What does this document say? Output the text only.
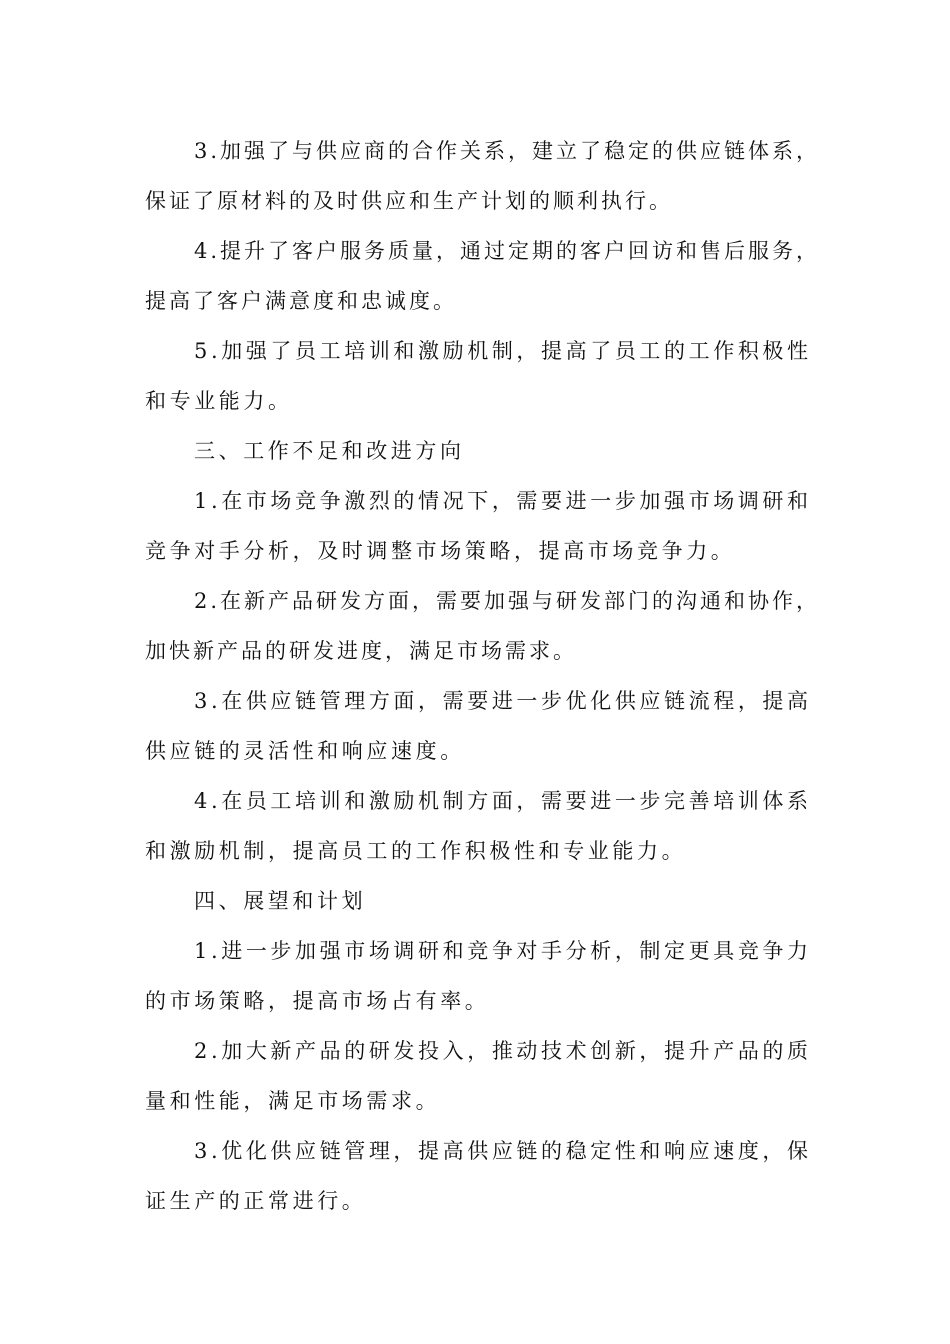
3.加强了与供应商的合作关系，建立了稳定的供应链体系，保证了原材料的及时供应和生产计划的顺利执行。

4.提升了客户服务质量，通过定期的客户回访和售后服务，提高了客户满意度和忠诚度。

5.加强了员工培训和激励机制，提高了员工的工作积极性和专业能力。

三、工作不足和改进方向

1.在市场竞争激烈的情况下，需要进一步加强市场调研和竞争对手分析，及时调整市场策略，提高市场竞争力。

2.在新产品研发方面，需要加强与研发部门的沟通和协作，加快新产品的研发进度，满足市场需求。

3.在供应链管理方面，需要进一步优化供应链流程，提高供应链的灵活性和响应速度。

4.在员工培训和激励机制方面，需要进一步完善培训体系和激励机制，提高员工的工作积极性和专业能力。

四、展望和计划

1.进一步加强市场调研和竞争对手分析，制定更具竞争力的市场策略，提高市场占有率。

2.加大新产品的研发投入，推动技术创新，提升产品的质量和性能，满足市场需求。

3.优化供应链管理，提高供应链的稳定性和响应速度，保证生产的正常进行。
